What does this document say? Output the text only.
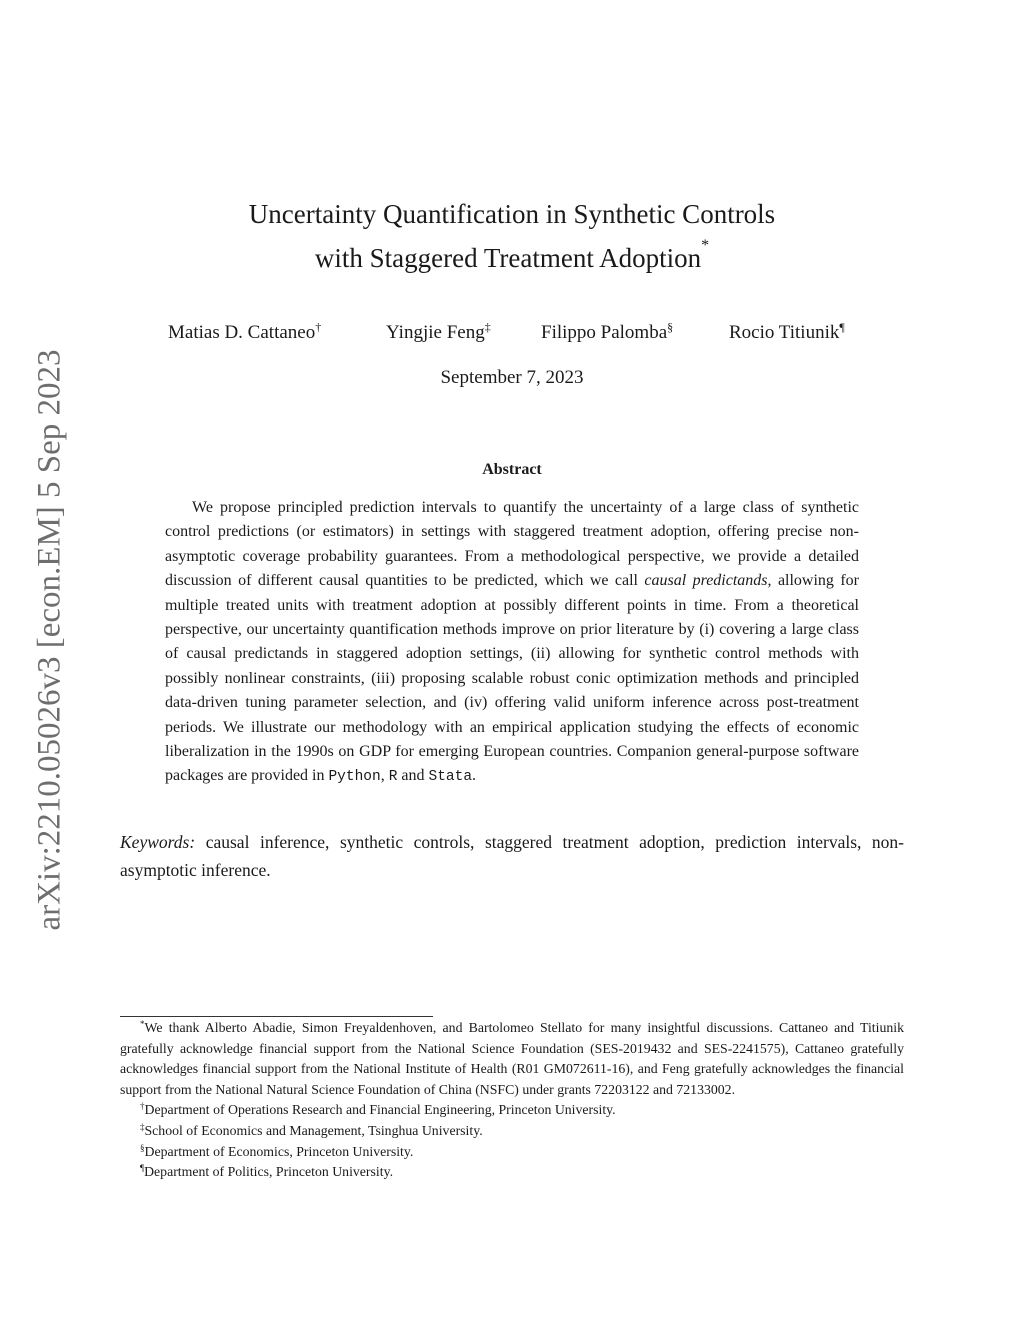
arXiv:2210.05026v3 [econ.EM] 5 Sep 2023
Uncertainty Quantification in Synthetic Controls
with Staggered Treatment Adoption*
Matias D. Cattaneo†	Yingjie Feng‡	Filippo Palomba§	Rocio Titiunik¶
September 7, 2023
Abstract

We propose principled prediction intervals to quantify the uncertainty of a large class of synthetic control predictions (or estimators) in settings with staggered treatment adoption, offering precise non-asymptotic coverage probability guarantees. From a methodological perspective, we provide a detailed discussion of different causal quantities to be predicted, which we call causal predictands, allowing for multiple treated units with treatment adoption at possibly different points in time. From a theoretical perspective, our uncertainty quantification methods improve on prior literature by (i) covering a large class of causal predictands in staggered adoption settings, (ii) allowing for synthetic control methods with possibly nonlinear constraints, (iii) proposing scalable robust conic optimization methods and principled data-driven tuning parameter selection, and (iv) offering valid uniform inference across post-treatment periods. We illustrate our methodology with an empirical application studying the effects of economic liberalization in the 1990s on GDP for emerging European countries. Companion general-purpose software packages are provided in Python, R and Stata.

Keywords: causal inference, synthetic controls, staggered treatment adoption, prediction intervals, non-asymptotic inference.

*We thank Alberto Abadie, Simon Freyaldenhoven, and Bartolomeo Stellato for many insightful discussions. Cattaneo and Titiunik gratefully acknowledge financial support from the National Science Foundation (SES-2019432 and SES-2241575), Cattaneo gratefully acknowledges financial support from the National Institute of Health (R01 GM072611-16), and Feng gratefully acknowledges the financial support from the National Natural Science Foundation of China (NSFC) under grants 72203122 and 72133002.

†Department of Operations Research and Financial Engineering, Princeton University.

‡School of Economics and Management, Tsinghua University.

§Department of Economics, Princeton University.

¶Department of Politics, Princeton University.
